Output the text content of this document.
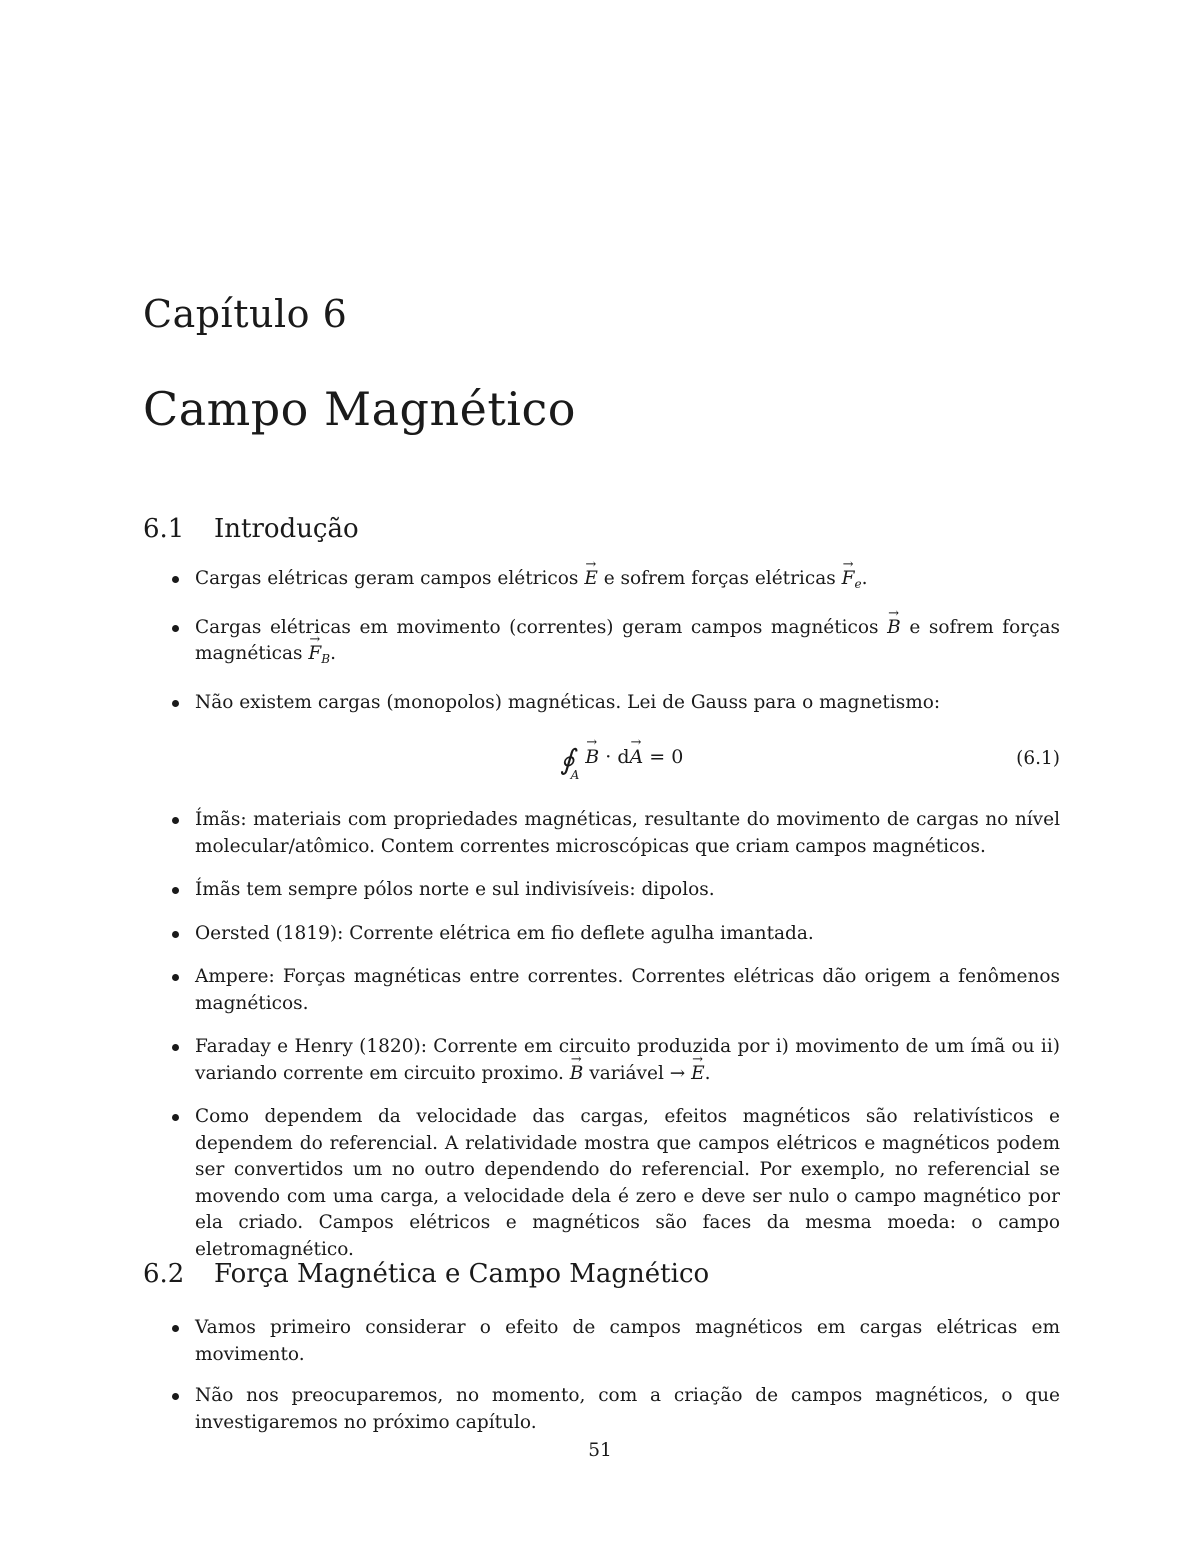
Capítulo 6
Campo Magnético
6.1 Introdução
Cargas elétricas geram campos elétricos → E e sofrem forças elétricas → $F_e$.
Cargas elétricas em movimento (correntes) geram campos magnéticos → B e sofrem forças magnéticas → $F_B$.
Não existem cargas (monopolos) magnéticas. Lei de Gauss para o magnetismo:
$∮_A\to B \cdot d\to A = 0$	(6.1)
Ímãs: materiais com propriedades magnéticas, resultante do movimento de cargas no nível molecular/atômico. Contem correntes microscópicas que criam campos magnéticos.
Ímãs tem sempre pólos norte e sul indivisíveis: dipolos.
Oersted (1819): Corrente elétrica em fio deflete agulha imantada.
Ampere: Forças magnéticas entre correntes. Correntes elétricas dão origem a fenômenos magnéticos.
Faraday e Henry (1820): Corrente em circuito produzida por i) movimento de um ímã ou ii) variando corrente em circuito proximo. → B variável → → E.
Como dependem da velocidade das cargas, efeitos magnéticos são relativísticos e dependem do referencial. A relatividade mostra que campos elétricos e magnéticos podem ser convertidos um no outro dependendo do referencial. Por exemplo, no referencial se movendo com uma carga, a velocidade dela é zero e deve ser nulo o campo magnético por ela criado. Campos elétricos e magnéticos são faces da mesma moeda: o campo eletromagnético.
6.2 Força Magnética e Campo Magnético
Vamos primeiro considerar o efeito de campos magnéticos em cargas elétricas em movimento.
Não nos preocuparemos, no momento, com a criação de campos magnéticos, o que investigaremos no próximo capítulo.
51
